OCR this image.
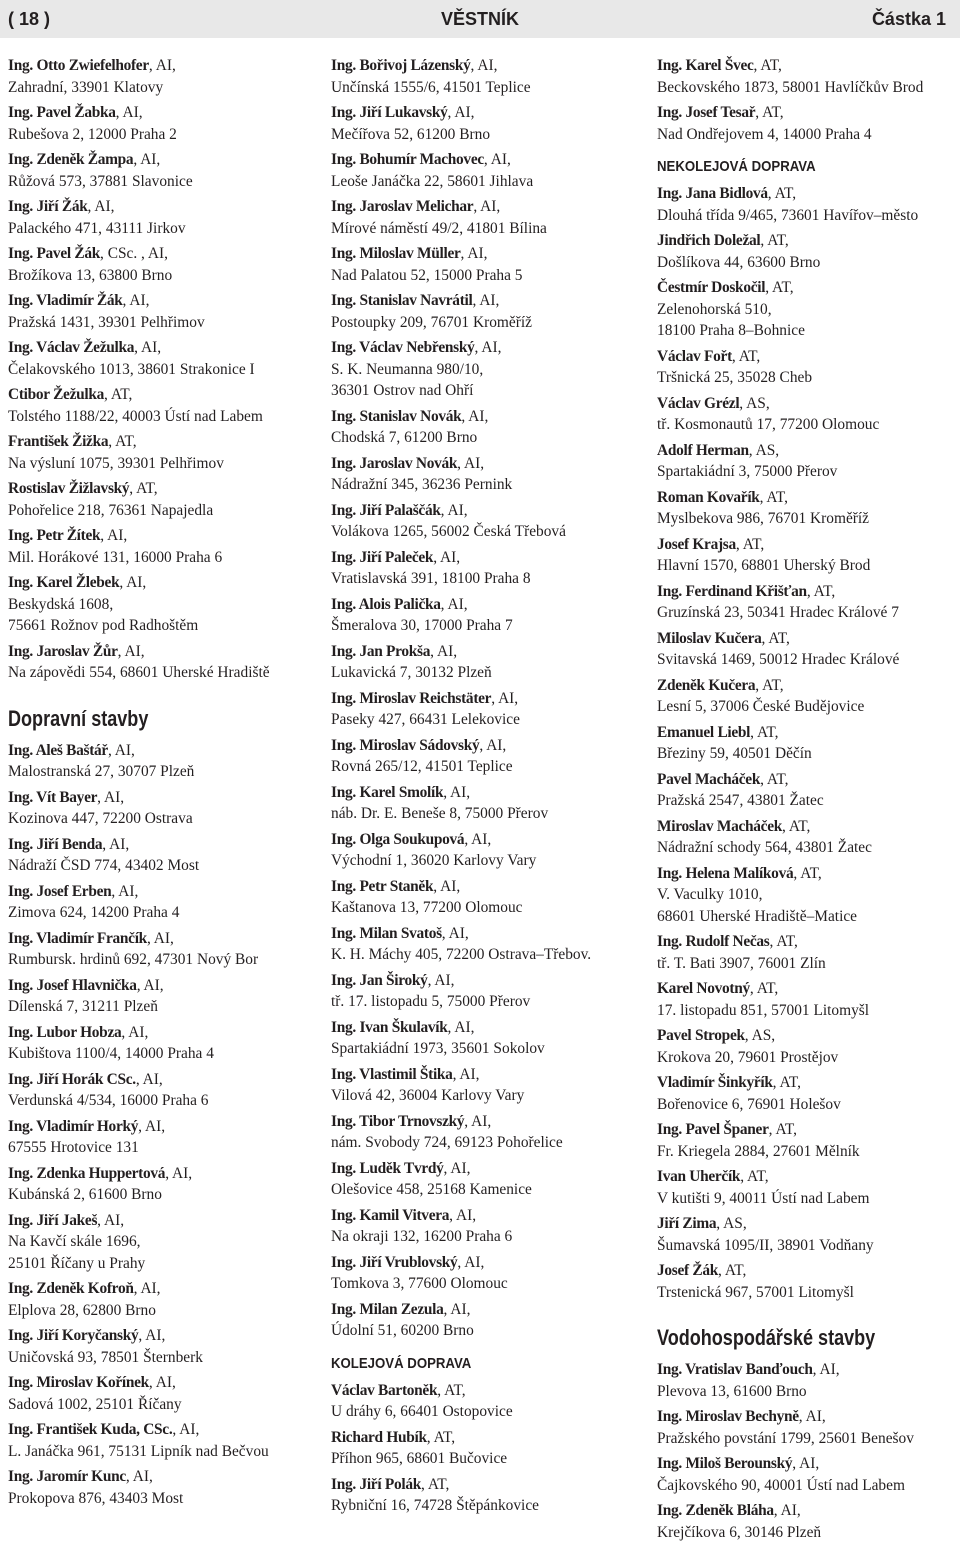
VĚSTNÍK
( 18 )	Částka 1
Ing. Otto Zwiefelhofer, AI,
Zahradní, 33901 Klatovy
Ing. Pavel Žabka, AI,
Rubešova 2, 12000 Praha 2
Ing. Zdeněk Žampa, AI,
Růžová 573, 37881 Slavonice
Ing. Jiří Žák, AI,
Palackého 471, 43111 Jirkov
Ing. Pavel Žák, CSc. , AI,
Brožíkova 13, 63800 Brno
Ing. Vladimír Žák, AI,
Pražská 1431, 39301 Pelhřimov
Ing. Václav Žežulka, AI,
Čelakovského 1013, 38601 Strakonice I
Ctibor Žežulka, AT,
Tolstého 1188/22, 40003 Ústí nad Labem
František Žižka, AT,
Na výsluní 1075, 39301 Pelhřimov
Rostislav Žižlavský, AT,
Pohořelice 218, 76361 Napajedla
Ing. Petr Žítek, AI,
Mil. Horákové 131, 16000 Praha 6
Ing. Karel Žlebek, AI,
Beskydská 1608,
75661 Rožnov pod Radhoštěm
Ing. Jaroslav Žůr, AI,
Na zápovědi 554, 68601 Uherské Hradiště
Dopravní stavby
Ing. Aleš Baštář, AI,
Malostranská 27, 30707 Plzeň
Ing. Vít Bayer, AI,
Kozinova 447, 72200 Ostrava
Ing. Jiří Benda, AI,
Nádraží ČSD 774, 43402 Most
Ing. Josef Erben, AI,
Zimova 624, 14200 Praha 4
Ing. Vladimír Frančík, AI,
Rumbursk. hrdinů 692, 47301 Nový Bor
Ing. Josef Hlavnička, AI,
Dílenská 7, 31211 Plzeň
Ing. Lubor Hobza, AI,
Kubištova 1100/4, 14000 Praha 4
Ing. Jiří Horák CSc., AI,
Verdunská 4/534, 16000 Praha 6
Ing. Vladimír Horký, AI,
67555 Hrotovice 131
Ing. Zdenka Huppertová, AI,
Kubánská 2, 61600 Brno
Ing. Jiří Jakeš, AI,
Na Kavčí skále 1696,
25101 Říčany u Prahy
Ing. Zdeněk Kofroň, AI,
Elplova 28, 62800 Brno
Ing. Jiří Koryčanský, AI,
Uničovská 93, 78501 Šternberk
Ing. Miroslav Kořínek, AI,
Sadová 1002, 25101 Říčany
Ing. František Kuda, CSc., AI,
L. Janáčka 961, 75131 Lipník nad Bečvou
Ing. Jaromír Kunc, AI,
Prokopova 876, 43403 Most
Ing. Bořivoj Lázenský, AI,
Unčínská 1555/6, 41501 Teplice
Ing. Jiří Lukavský, AI,
Mečířova 52, 61200 Brno
Ing. Bohumír Machovec, AI,
Leoše Janáčka 22, 58601 Jihlava
Ing. Jaroslav Melichar, AI,
Mírové náměstí 49/2, 41801 Bílina
Ing. Miloslav Müller, AI,
Nad Palatou 52, 15000 Praha 5
Ing. Stanislav Navrátil, AI,
Postoupky 209, 76701 Kroměříž
Ing. Václav Nebřenský, AI,
S. K. Neumanna 980/10,
36301 Ostrov nad Ohří
Ing. Stanislav Novák, AI,
Chodská 7, 61200 Brno
Ing. Jaroslav Novák, AI,
Nádražní 345, 36236 Pernink
Ing. Jiří Palaščák, AI,
Volákova 1265, 56002 Česká Třebová
Ing. Jiří Paleček, AI,
Vratislavská 391, 18100 Praha 8
Ing. Alois Palička, AI,
Šmeralova 30, 17000 Praha 7
Ing. Jan Prokša, AI,
Lukavická 7, 30132 Plzeň
Ing. Miroslav Reichstäter, AI,
Paseky 427, 66431 Lelekovice
Ing. Miroslav Sádovský, AI,
Rovná 265/12, 41501 Teplice
Ing. Karel Smolík, AI,
náb. Dr. E. Beneše 8, 75000 Přerov
Ing. Olga Soukupová, AI,
Východní 1, 36020 Karlovy Vary
Ing. Petr Staněk, AI,
Kaštanova 13, 77200 Olomouc
Ing. Milan Svatoš, AI,
K. H. Máchy 405, 72200 Ostrava–Třebov.
Ing. Jan Široký, AI,
tř. 17. listopadu 5, 75000 Přerov
Ing. Ivan Škulavík, AI,
Spartakiádní 1973, 35601 Sokolov
Ing. Vlastimil Štika, AI,
Vilová 42, 36004 Karlovy Vary
Ing. Tibor Trnovszký, AI,
nám. Svobody 724, 69123 Pohořelice
Ing. Luděk Tvrdý, AI,
Olešovice 458, 25168 Kamenice
Ing. Kamil Vitvera, AI,
Na okraji 132, 16200 Praha 6
Ing. Jiří Vrublovský, AI,
Tomkova 3, 77600 Olomouc
Ing. Milan Zezula, AI,
Údolní 51, 60200 Brno
KOLEJOVÁ DOPRAVA
Václav Bartoněk, AT,
U dráhy 6, 66401 Ostopovice
Richard Hubík, AT,
Příhon 965, 68601 Bučovice
Ing. Jiří Polák, AT,
Rybniční 16, 74728 Štěpánkovice
Ing. Karel Švec, AT,
Beckovského 1873, 58001 Havlíčkův Brod
Ing. Josef Tesař, AT,
Nad Ondřejovem 4, 14000 Praha 4
NEKOLEJOVÁ DOPRAVA
Ing. Jana Bidlová, AT,
Dlouhá třída 9/465, 73601 Havířov–město
Jindřich Doležal, AT,
Došlíkova 44, 63600 Brno
Čestmír Doskočil, AT,
Zelenohorská 510,
18100 Praha 8–Bohnice
Václav Fořt, AT,
Tršnická 25, 35028 Cheb
Václav Grézl, AS,
tř. Kosmonautů 17, 77200 Olomouc
Adolf Herman, AS,
Spartakiádní 3, 75000 Přerov
Roman Kovařík, AT,
Myslbekova 986, 76701 Kroměříž
Josef Krajsa, AT,
Hlavní 1570, 68801 Uherský Brod
Ing. Ferdinand Křišťan, AT,
Gruzínská 23, 50341 Hradec Králové 7
Miloslav Kučera, AT,
Svitavská 1469, 50012 Hradec Králové
Zdeněk Kučera, AT,
Lesní 5, 37006 České Budějovice
Emanuel Liebl, AT,
Březiny 59, 40501 Děčín
Pavel Macháček, AT,
Pražská 2547, 43801 Žatec
Miroslav Macháček, AT,
Nádražní schody 564, 43801 Žatec
Ing. Helena Malíková, AT,
V. Vaculky 1010,
68601 Uherské Hradiště–Matice
Ing. Rudolf Nečas, AT,
tř. T. Bati 3907, 76001 Zlín
Karel Novotný, AT,
17. listopadu 851, 57001 Litomyšl
Pavel Stropek, AS,
Krokova 20, 79601 Prostějov
Vladimír Šinkyřík, AT,
Bořenovice 6, 76901 Holešov
Ing. Pavel Španer, AT,
Fr. Kriegela 2884, 27601 Mělník
Ivan Uherčík, AT,
V kutišti 9, 40011 Ústí nad Labem
Jiří Zima, AS,
Šumavská 1095/II, 38901 Vodňany
Josef Žák, AT,
Trstenická 967, 57001 Litomyšl
Vodohospodářské stavby
Ing. Vratislav Banďouch, AI,
Plevova 13, 61600 Brno
Ing. Miroslav Bechyně, AI,
Pražského povstání 1799, 25601 Benešov
Ing. Miloš Berounský, AI,
Čajkovského 90, 40001 Ústí nad Labem
Ing. Zdeněk Bláha, AI,
Krejčíkova 6, 30146 Plzeň
